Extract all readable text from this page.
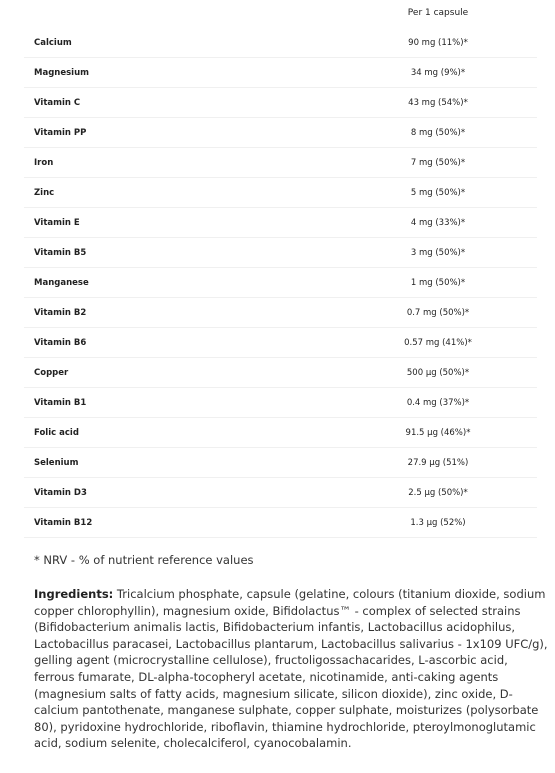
Per 1 capsule
Calcium	90 mg (11%)*
Magnesium	34 mg (9%)*
Vitamin C	43 mg (54%)*
Vitamin PP	8 mg (50%)*
Iron	7 mg (50%)*
Zinc	5 mg (50%)*
Vitamin E	4 mg (33%)*
Vitamin B5	3 mg (50%)*
Manganese	1 mg (50%)*
Vitamin B2	0.7 mg (50%)*
Vitamin B6	0.57 mg (41%)*
Copper	500 µg (50%)*
Vitamin B1	0.4 mg (37%)*
Folic acid	91.5 µg (46%)*
Selenium	27.9 µg (51%)
Vitamin D3	2.5 µg (50%)*
Vitamin B12	1.3 µg (52%)
* NRV - % of nutrient reference values
Ingredients: Tricalcium phosphate, capsule (gelatine, colours (titanium dioxide, sodium copper chlorophyllin), magnesium oxide, Bifidolactus™ - complex of selected strains (Bifidobacterium animalis lactis, Bifidobacterium infantis, Lactobacillus acidophilus, Lactobacillus paracasei, Lactobacillus plantarum, Lactobacillus salivarius - 1x109 UFC/g), gelling agent (microcrystalline cellulose), fructoligossachacarides, L-ascorbic acid, ferrous fumarate, DL-alpha-tocopheryl acetate, nicotinamide, anti-caking agents (magnesium salts of fatty acids, magnesium silicate, silicon dioxide), zinc oxide, D-calcium pantothenate, manganese sulphate, copper sulphate, moisturizes (polysorbate 80), pyridoxine hydrochloride, riboflavin, thiamine hydrochloride, pteroylmonoglutamic acid, sodium selenite, cholecalciferol, cyanocobalamin.
